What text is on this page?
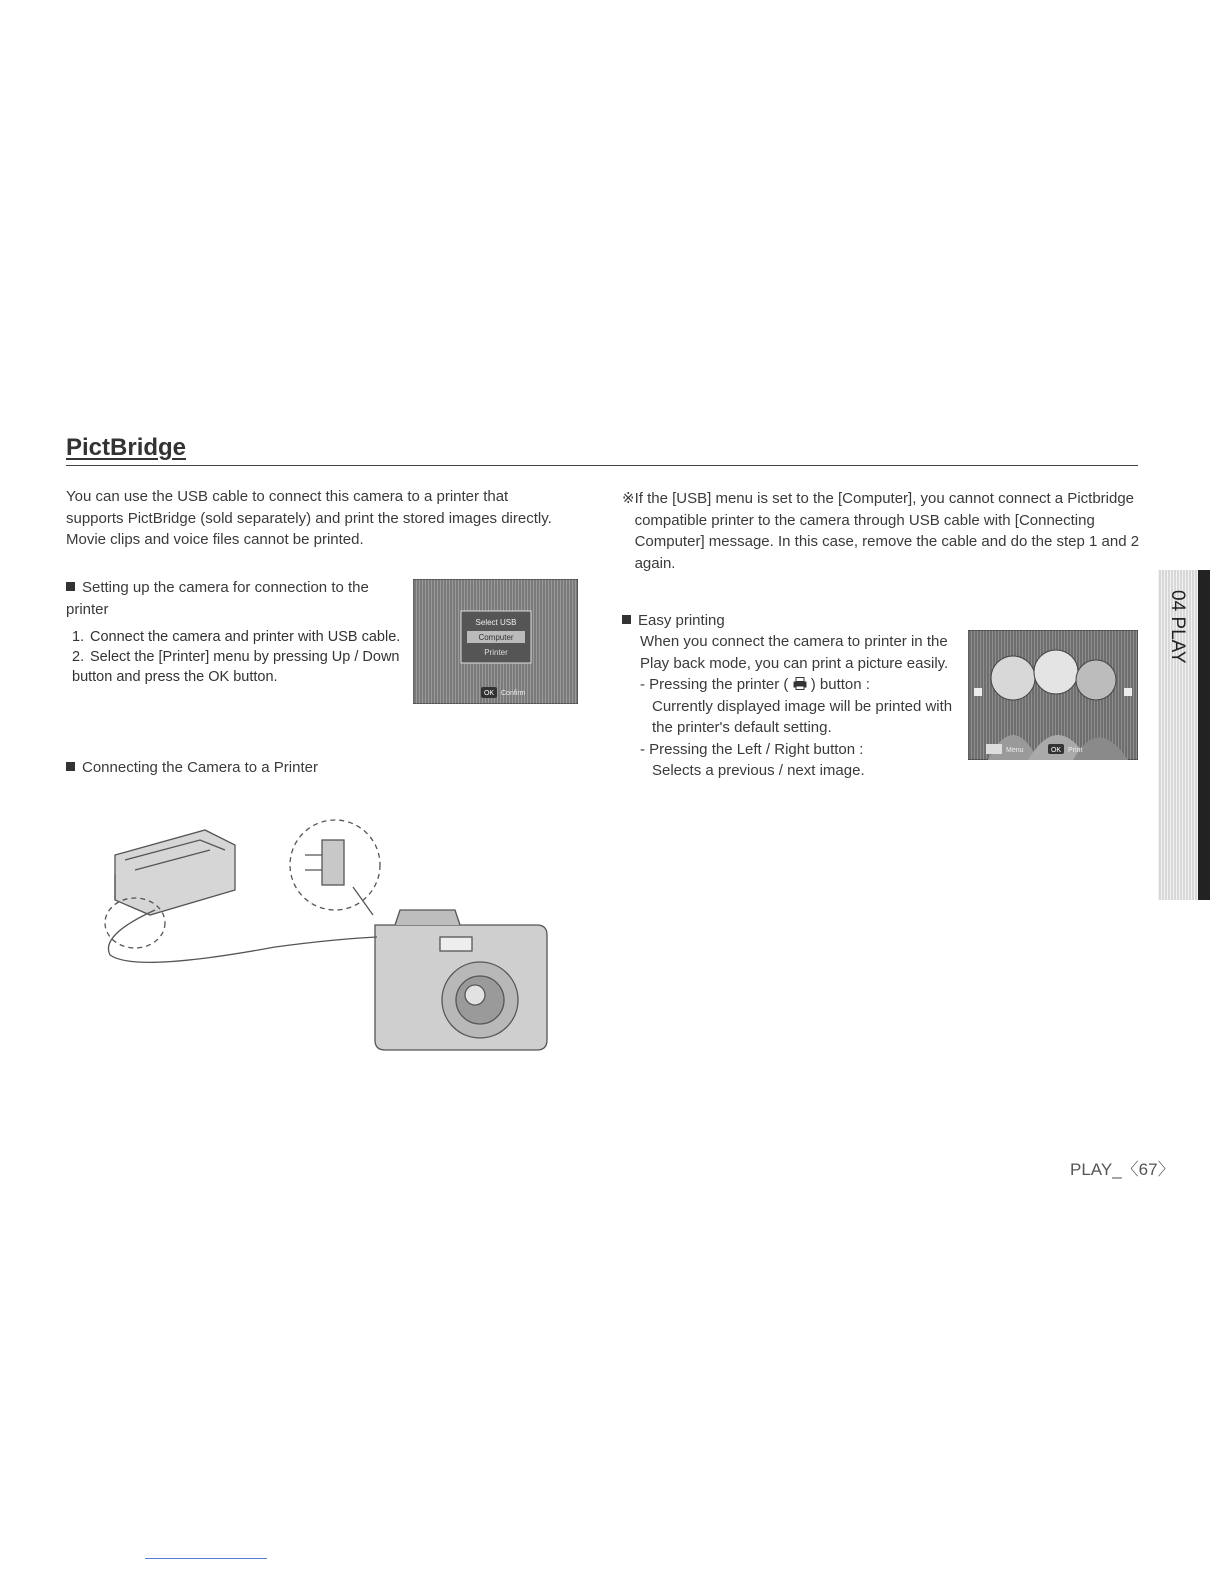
PictBridge
You can use the USB cable to connect this camera to a printer that supports PictBridge (sold separately) and print the stored images directly. Movie clips and voice files cannot be printed.
Setting up the camera for connection to the printer
1. Connect the camera and printer with USB cable.
2. Select the [Printer] menu by pressing Up / Down button and press the OK button.
Select USB
Computer
Printer
OK Confirm
Connecting the Camera to a Printer
※ If the [USB] menu is set to the [Computer], you cannot connect a Pictbridge compatible printer to the camera through USB cable with [Connecting Computer] message. In this case, remove the cable and do the step 1 and 2 again.
Easy printing
When you connect the camera to printer in the Play back mode, you can print a picture easily.
- Pressing the printer ( ) button :
Currently displayed image will be printed with the printer's default setting.
- Pressing the Left / Right button :
Selects a previous / next image.
Menu	OK Print
04 PLAY
PLAY_〈67〉
